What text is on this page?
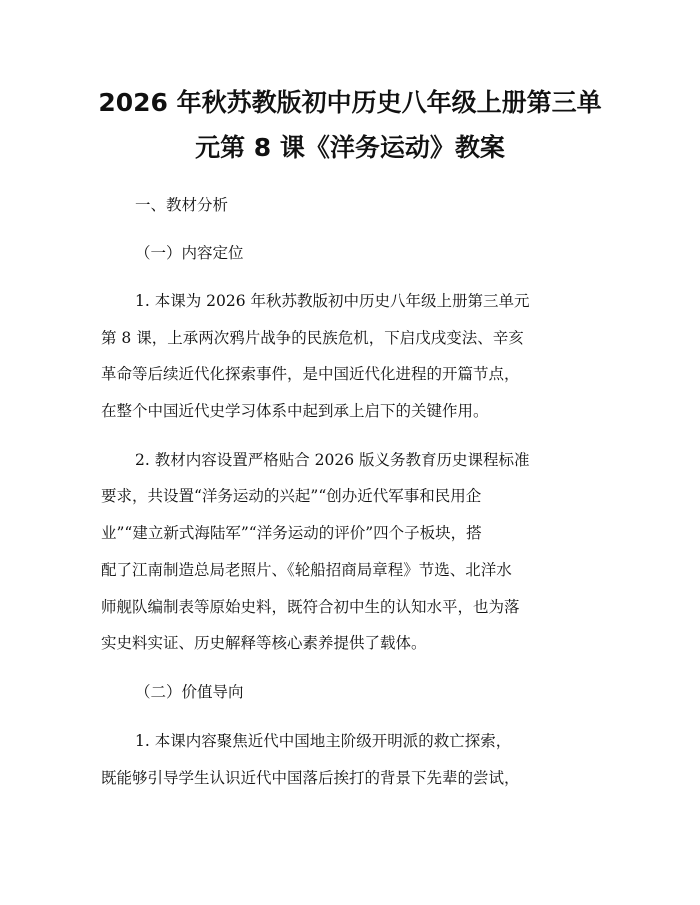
2026 年秋苏教版初中历史八年级上册第三单
元第 8 课《洋务运动》教案
一、教材分析
（一）内容定位
1. 本课为 2026 年秋苏教版初中历史八年级上册第三单元
第 8 课，上承两次鸦片战争的民族危机，下启戊戌变法、辛亥
革命等后续近代化探索事件，是中国近代化进程的开篇节点，
在整个中国近代史学习体系中起到承上启下的关键作用。
2. 教材内容设置严格贴合 2026 版义务教育历史课程标准
要求，共设置“洋务运动的兴起”“创办近代军事和民用企
业”“建立新式海陆军”“洋务运动的评价”四个子板块，搭
配了江南制造总局老照片、《轮船招商局章程》节选、北洋水
师舰队编制表等原始史料，既符合初中生的认知水平，也为落
实史料实证、历史解释等核心素养提供了载体。
（二）价值导向
1. 本课内容聚焦近代中国地主阶级开明派的救亡探索，
既能够引导学生认识近代中国落后挨打的背景下先辈的尝试，
